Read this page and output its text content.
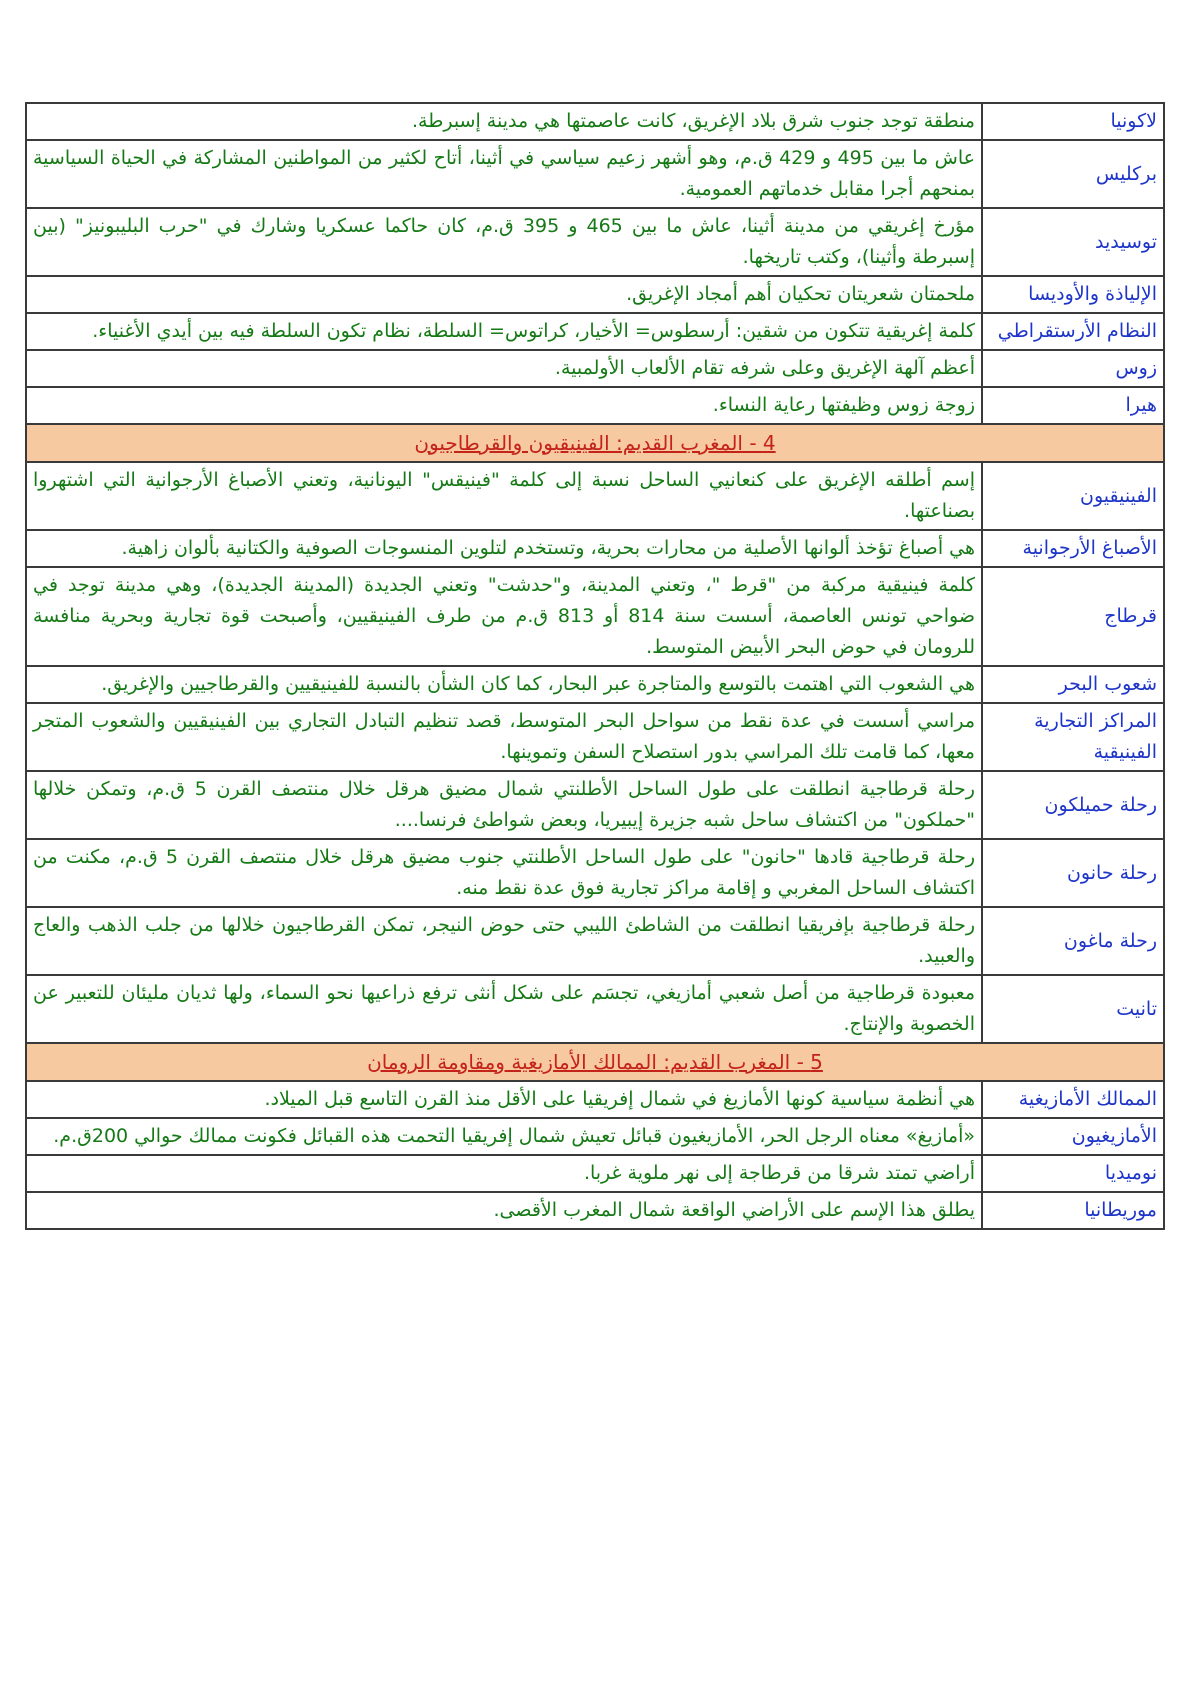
لاكونيا	منطقة توجد جنوب شرق بلاد الإغريق، كانت عاصمتها هي مدينة إسبرطة.
بركليس	عاش ما بين 495 و 429 ق.م، وهو أشهر زعيم سياسي في أثينا، أتاح لكثير من المواطنين المشاركة في الحياة السياسية بمنحهم أجرا مقابل خدماتهم العمومية.
توسيديد	مؤرخ إغريقي من مدينة أثينا، عاش ما بين 465 و 395 ق.م، كان حاكما عسكريا وشارك في "حرب البليبونيز" (بين إسبرطة وأثينا)، وكتب تاريخها.
الإلياذة والأوديسا	ملحمتان شعريتان تحكيان أهم أمجاد الإغريق.
النظام الأرستقراطي	كلمة إغريقية تتكون من شقين: أرسطوس= الأخيار، كراتوس= السلطة، نظام تكون السلطة فيه بين أيدي الأغنياء.
زوس	أعظم آلهة الإغريق وعلى شرفه تقام الألعاب الأولمبية.
هيرا	زوجة زوس وظيفتها رعاية النساء.
4 - المغرب القديم: الفينيقيون والقرطاجيون	
الفينيقيون	إسم أطلقه الإغريق على كنعانيي الساحل نسبة إلى كلمة "فينيقس" اليونانية، وتعني الأصباغ الأرجوانية التي اشتهروا بصناعتها.
الأصباغ الأرجوانية	هي أصباغ تؤخذ ألوانها الأصلية من محارات بحرية، وتستخدم لتلوين المنسوجات الصوفية والكتانية بألوان زاهية.
قرطاج	كلمة فينيقية مركبة من "قرط "، وتعني المدينة، و"حدشت" وتعني الجديدة (المدينة الجديدة)، وهي مدينة توجد في ضواحي تونس العاصمة، أسست سنة 814 أو 813 ق.م من طرف الفينيقيين، وأصبحت قوة تجارية وبحرية منافسة للرومان في حوض البحر الأبيض المتوسط.
شعوب البحر	هي الشعوب التي اهتمت بالتوسع والمتاجرة عبر البحار، كما كان الشأن بالنسبة للفينيقيين والقرطاجيين والإغريق.
المراكز التجارية الفينيقية	مراسي أسست في عدة نقط من سواحل البحر المتوسط، قصد تنظيم التبادل التجاري بين الفينيقيين والشعوب المتجر معها، كما قامت تلك المراسي بدور استصلاح السفن وتموينها.
رحلة حميلكون	رحلة قرطاجية انطلقت على طول الساحل الأطلنتي شمال مضيق هرقل خلال منتصف القرن 5 ق.م، وتمكن خلالها "حملكون" من اكتشاف ساحل شبه جزيرة إيبيريا، وبعض شواطئ فرنسا....
رحلة حانون	رحلة قرطاجية قادها "حانون" على طول الساحل الأطلنتي جنوب مضيق هرقل خلال منتصف القرن 5 ق.م، مكنت من اكتشاف الساحل المغربي و إقامة مراكز تجارية فوق عدة نقط منه.
رحلة ماغون	رحلة قرطاجية بإفريقيا انطلقت من الشاطئ الليبي حتى حوض النيجر، تمكن القرطاجيون خلالها من جلب الذهب والعاج والعبيد.
تانيت	معبودة قرطاجية من أصل شعبي أمازيغي، تجسَم على شكل أنثى ترفع ذراعيها نحو السماء، ولها ثديان مليئان للتعبير عن الخصوبة والإنتاج.
5 - المغرب القديم: الممالك الأمازيغية ومقاومة الرومان	
الممالك الأمازيغية	هي أنظمة سياسية كونها الأمازيغ في شمال إفريقيا على الأقل منذ القرن التاسع قبل الميلاد.
الأمازيغيون	«أمازيغ» معناه الرجل الحر، الأمازيغيون قبائل تعيش شمال إفريقيا التحمت هذه القبائل فكونت ممالك حوالي 200ق.م.
نوميديا	أراضي تمتد شرقا من قرطاجة إلى نهر ملوية غربا.
موريطانيا	يطلق هذا الإسم على الأراضي الواقعة شمال المغرب الأقصى.
